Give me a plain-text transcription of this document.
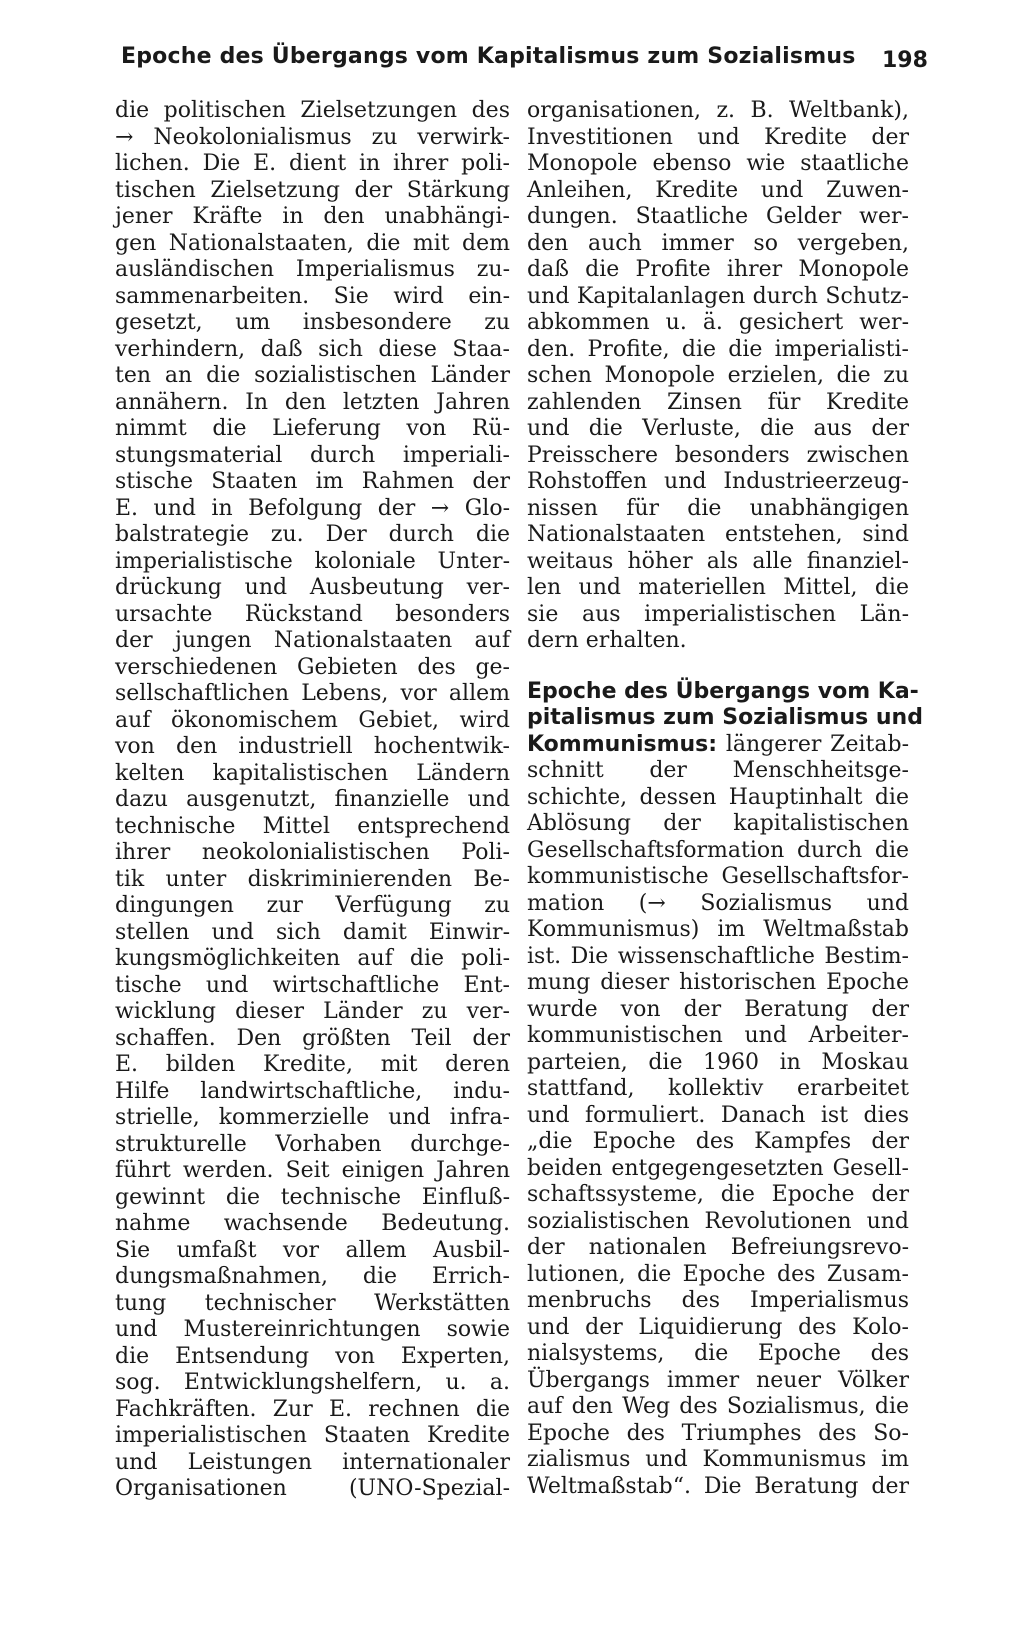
Epoche des Übergangs vom Kapitalismus zum Sozialismus 198
die politischen Zielsetzungen des
→ Neokolonialismus zu verwirk-
lichen. Die E. dient in ihrer poli-
tischen Zielsetzung der Stärkung
jener Kräfte in den unabhängi-
gen Nationalstaaten, die mit dem
ausländischen Imperialismus zu-
sammenarbeiten. Sie wird ein-
gesetzt, um insbesondere zu
verhindern, daß sich diese Staa-
ten an die sozialistischen Länder
annähern. In den letzten Jahren
nimmt die Lieferung von Rü-
stungsmaterial durch imperiali-
stische Staaten im Rahmen der
E. und in Befolgung der → Glo-
balstrategie zu. Der durch die
imperialistische koloniale Unter-
drückung und Ausbeutung ver-
ursachte Rückstand besonders
der jungen Nationalstaaten auf
verschiedenen Gebieten des ge-
sellschaftlichen Lebens, vor allem
auf ökonomischem Gebiet, wird
von den industriell hochentwik-
kelten kapitalistischen Ländern
dazu ausgenutzt, finanzielle und
technische Mittel entsprechend
ihrer neokolonialistischen Poli-
tik unter diskriminierenden Be-
dingungen zur Verfügung zu
stellen und sich damit Einwir-
kungsmöglichkeiten auf die poli-
tische und wirtschaftliche Ent-
wicklung dieser Länder zu ver-
schaffen. Den größten Teil der
E. bilden Kredite, mit deren
Hilfe landwirtschaftliche, indu-
strielle, kommerzielle und infra-
strukturelle Vorhaben durchge-
führt werden. Seit einigen Jahren
gewinnt die technische Einfluß-
nahme wachsende Bedeutung.
Sie umfaßt vor allem Ausbil-
dungsmaßnahmen, die Errich-
tung technischer Werkstätten
und Mustereinrichtungen sowie
die Entsendung von Experten,
sog. Entwicklungshelfern, u. a.
Fachkräften. Zur E. rechnen die
imperialistischen Staaten Kredite
und Leistungen internationaler
Organisationen (UNO-Spezial-
organisationen, z. B. Weltbank),
Investitionen und Kredite der
Monopole ebenso wie staatliche
Anleihen, Kredite und Zuwen-
dungen. Staatliche Gelder wer-
den auch immer so vergeben,
daß die Profite ihrer Monopole
und Kapitalanlagen durch Schutz-
abkommen u. ä. gesichert wer-
den. Profite, die die imperialisti-
schen Monopole erzielen, die zu
zahlenden Zinsen für Kredite
und die Verluste, die aus der
Preisschere besonders zwischen
Rohstoffen und Industrieerzeug-
nissen für die unabhängigen
Nationalstaaten entstehen, sind
weitaus höher als alle finanziel-
len und materiellen Mittel, die
sie aus imperialistischen Län-
dern erhalten.
Epoche des Übergangs vom Ka-
pitalismus zum Sozialismus und
Kommunismus: längerer Zeitab-
schnitt der Menschheitsge-
schichte, dessen Hauptinhalt die
Ablösung der kapitalistischen
Gesellschaftsformation durch die
kommunistische Gesellschaftsfor-
mation (→ Sozialismus und
Kommunismus) im Weltmaßstab
ist. Die wissenschaftliche Bestim-
mung dieser historischen Epoche
wurde von der Beratung der
kommunistischen und Arbeiter-
parteien, die 1960 in Moskau
stattfand, kollektiv erarbeitet
und formuliert. Danach ist dies
„die Epoche des Kampfes der
beiden entgegengesetzten Gesell-
schaftssysteme, die Epoche der
sozialistischen Revolutionen und
der nationalen Befreiungsrevo-
lutionen, die Epoche des Zusam-
menbruchs des Imperialismus
und der Liquidierung des Kolo-
nialsystems, die Epoche des
Übergangs immer neuer Völker
auf den Weg des Sozialismus, die
Epoche des Triumphes des So-
zialismus und Kommunismus im
Weltmaßstab“. Die Beratung der
